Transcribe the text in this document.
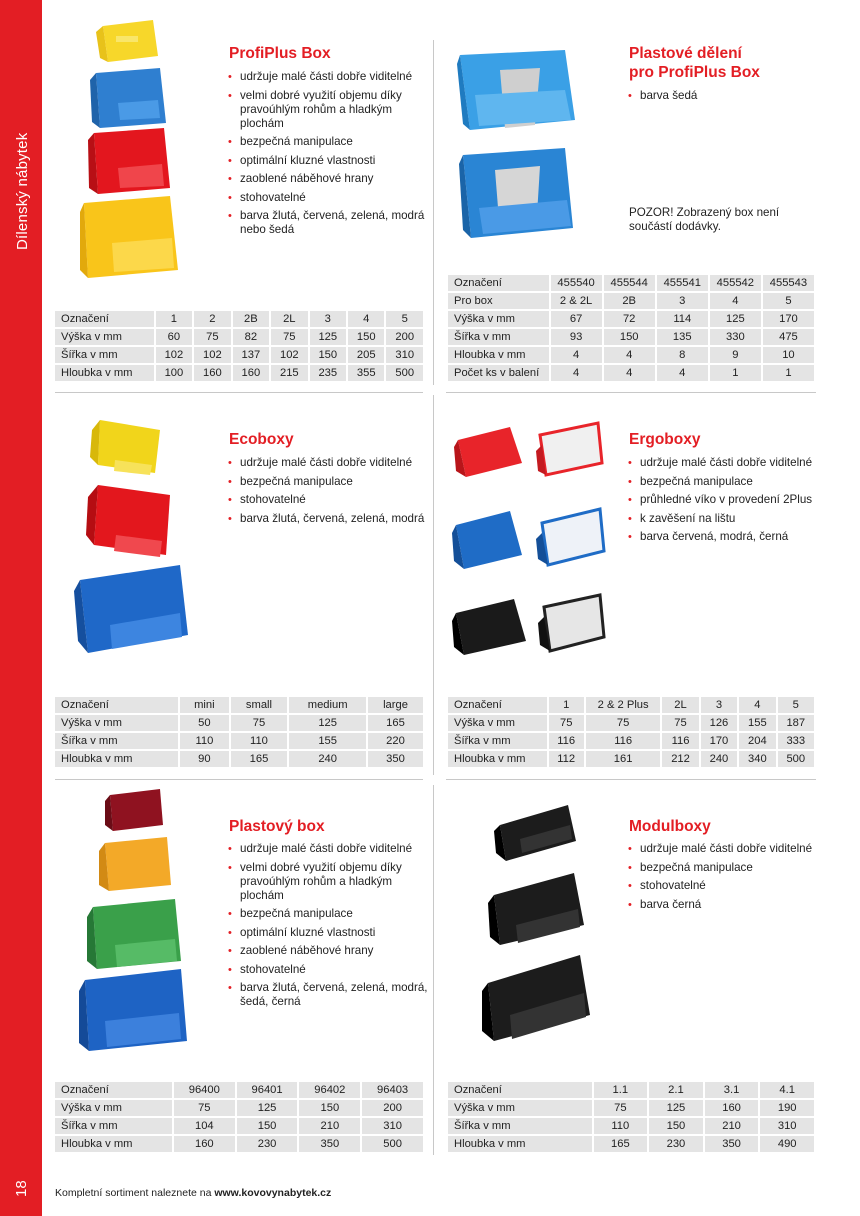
Dílenský nábytek
18
ProfiPlus Box
• udržuje malé části dobře viditelné
• velmi dobré využití objemu díky pravoúhlým rohům a hladkým plochám
• bezpečná manipulace
• optimální kluzné vlastnosti
• zaoblené náběhové hrany
• stohovatelné
• barva žlutá, červená, zelená, modrá nebo šedá
Označení	1	2	2B	2L	3	4	5
Výška v mm	60	75	82	75	125	150	200
Šířka v mm	102	102	137	102	150	205	310
Hloubka v mm	100	160	160	215	235	355	500
Plastové dělení
pro ProfiPlus Box
• barva šedá
POZOR! Zobrazený box není součástí dodávky.
Označení	455540	455544	455541	455542	455543
Pro box	2 & 2L	2B	3	4	5
Výška v mm	67	72	114	125	170
Šířka v mm	93	150	135	330	475
Hloubka v mm	4	4	8	9	10
Počet ks v balení	4	4	4	1	1
Ecoboxy
• udržuje malé části dobře viditelné
• bezpečná manipulace
• stohovatelné
• barva žlutá, červená, zelená, modrá
Označení	mini	small	medium	large
Výška v mm	50	75	125	165
Šířka v mm	110	110	155	220
Hloubka v mm	90	165	240	350
Ergoboxy
• udržuje malé části dobře viditelné
• bezpečná manipulace
• průhledné víko v provedení 2Plus
• k zavěšení na lištu
• barva červená, modrá, černá
Označení	1	2 & 2 Plus	2L	3	4	5
Výška v mm	75	75	75	126	155	187
Šířka v mm	116	116	116	170	204	333
Hloubka v mm	112	161	212	240	340	500
Plastový box
• udržuje malé části dobře viditelné
• velmi dobré využití objemu díky pravoúhlým rohům a hladkým plochám
• bezpečná manipulace
• optimální kluzné vlastnosti
• zaoblené náběhové hrany
• stohovatelné
• barva žlutá, červená, zelená, modrá, šedá, černá
Označení	96400	96401	96402	96403
Výška v mm	75	125	150	200
Šířka v mm	104	150	210	310
Hloubka v mm	160	230	350	500
Modulboxy
• udržuje malé části dobře viditelné
• bezpečná manipulace
• stohovatelné
• barva černá
Označení	1.1	2.1	3.1	4.1
Výška v mm	75	125	160	190
Šířka v mm	110	150	210	310
Hloubka v mm	165	230	350	490
Kompletní sortiment naleznete na www.kovovynabytek.cz
